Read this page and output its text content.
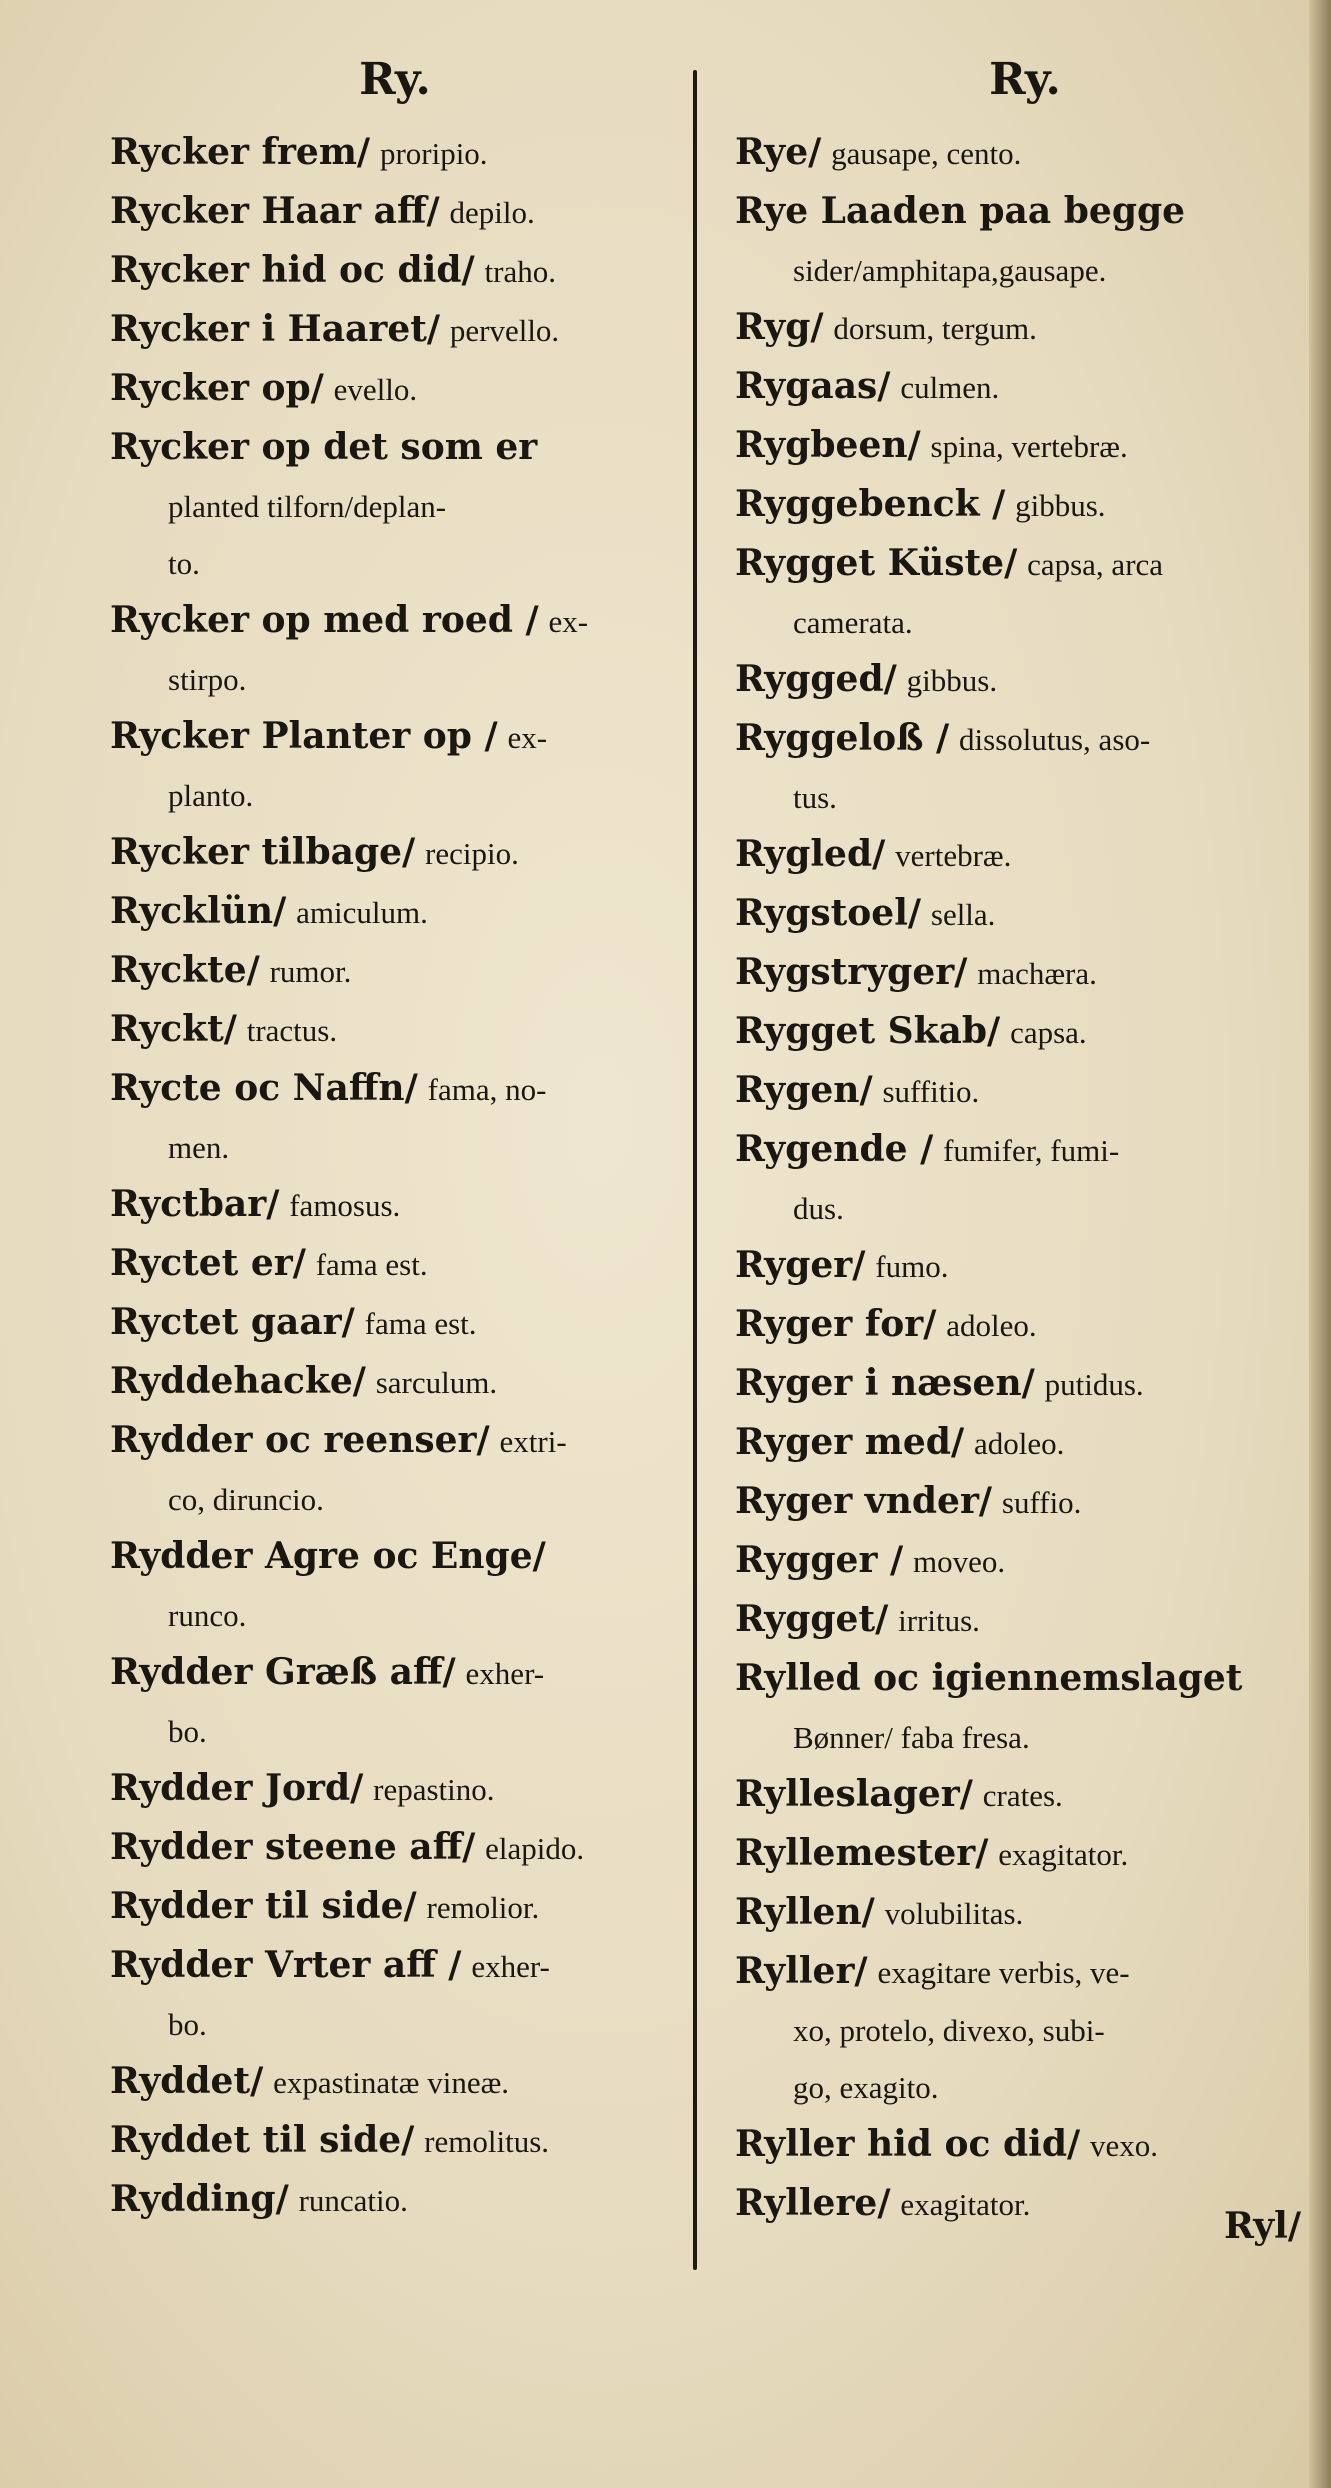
Ry.
Rycker frem/ proripio.
Rycker Haar aff/ depilo.
Rycker hid oc did/ traho.
Rycker i Haaret/ pervello.
Rycker op/ evello.
Rycker op det som er
planted tilforn/deplan-
to.
Rycker op med roed / ex-
stirpo.
Rycker Planter op / ex-
planto.
Rycker tilbage/ recipio.
Rycklün/ amiculum.
Ryckte/ rumor.
Ryckt/ tractus.
Rycte oc Naffn/ fama, no-
men.
Ryctbar/ famosus.
Ryctet er/ fama est.
Ryctet gaar/ fama est.
Ryddehacke/ sarculum.
Rydder oc reenser/ extri-
co, diruncio.
Rydder Agre oc Enge/
runco.
Rydder Græß aff/ exher-
bo.
Rydder Jord/ repastino.
Rydder steene aff/ elapido.
Rydder til side/ remolior.
Rydder Vrter aff / exher-
bo.
Ryddet/ expastinatæ vineæ.
Ryddet til side/ remolitus.
Rydding/ runcatio.
Ry.
Rye/ gausape, cento.
Rye Laaden paa begge
sider/amphitapa,gausape.
Ryg/ dorsum, tergum.
Rygaas/ culmen.
Rygbeen/ spina, vertebræ.
Ryggebenck / gibbus.
Rygget Küste/ capsa, arca
camerata.
Rygged/ gibbus.
Ryggeloß / dissolutus, aso-
tus.
Rygled/ vertebræ.
Rygstoel/ sella.
Rygstryger/ machæra.
Rygget Skab/ capsa.
Rygen/ suffitio.
Rygende / fumifer, fumi-
dus.
Ryger/ fumo.
Ryger for/ adoleo.
Ryger i næsen/ putidus.
Ryger med/ adoleo.
Ryger vnder/ suffio.
Rygger / moveo.
Rygget/ irritus.
Rylled oc igiennemslaget
Bønner/ faba fresa.
Rylleslager/ crates.
Ryllemester/ exagitator.
Ryllen/ volubilitas.
Ryller/ exagitare verbis, ve-
xo, protelo, divexo, subi-
go, exagito.
Ryller hid oc did/ vexo.
Ryllere/ exagitator.
Ryl/
